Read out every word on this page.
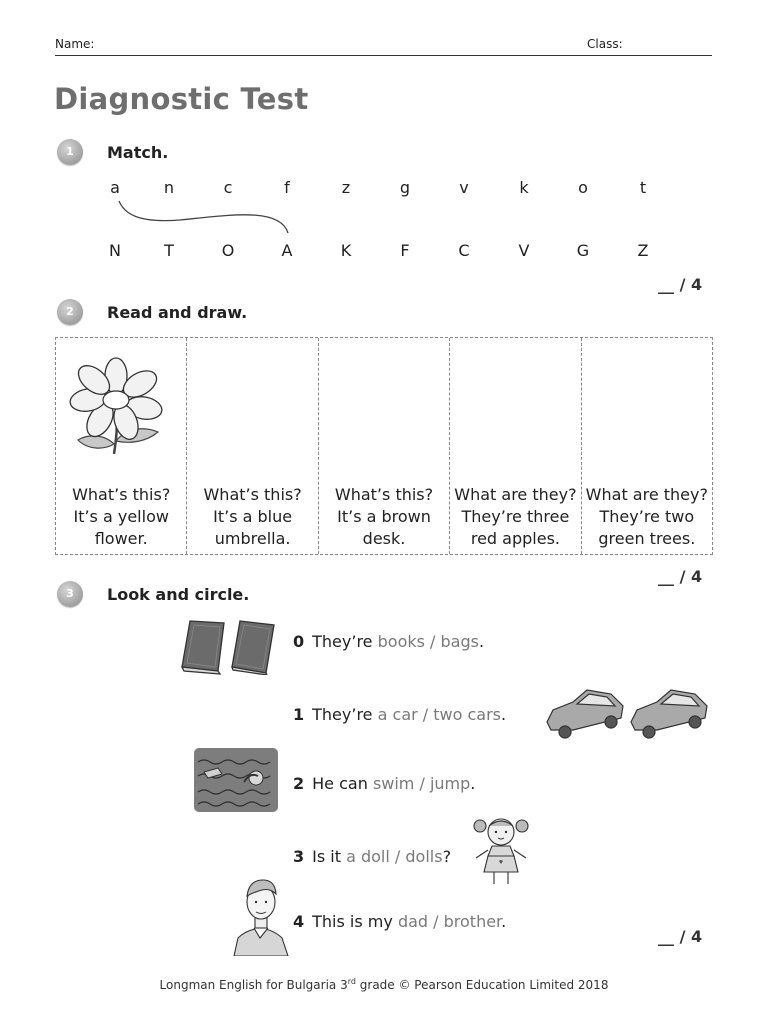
Name:	Class:
Diagnostic Test
1	Match.
a	n	c	f	z	g	v	k	o	t
N	T	O	A	K	F	C	V	G	Z
__ / 4
2	Read and draw.
What’s this?
It’s a yellow
flower.
What’s this?
It’s a blue
umbrella.
What’s this?
It’s a brown
desk.
What are they?
They’re three
red apples.
What are they?
They’re two
green trees.
__ / 4
3	Look and circle.
0 They’re books / bags.
1 They’re a car / two cars.
2 He can swim / jump.
3 Is it a doll / dolls?
4 This is my dad / brother.
__ / 4
Longman English for Bulgaria 3rd grade © Pearson Education Limited 2018
